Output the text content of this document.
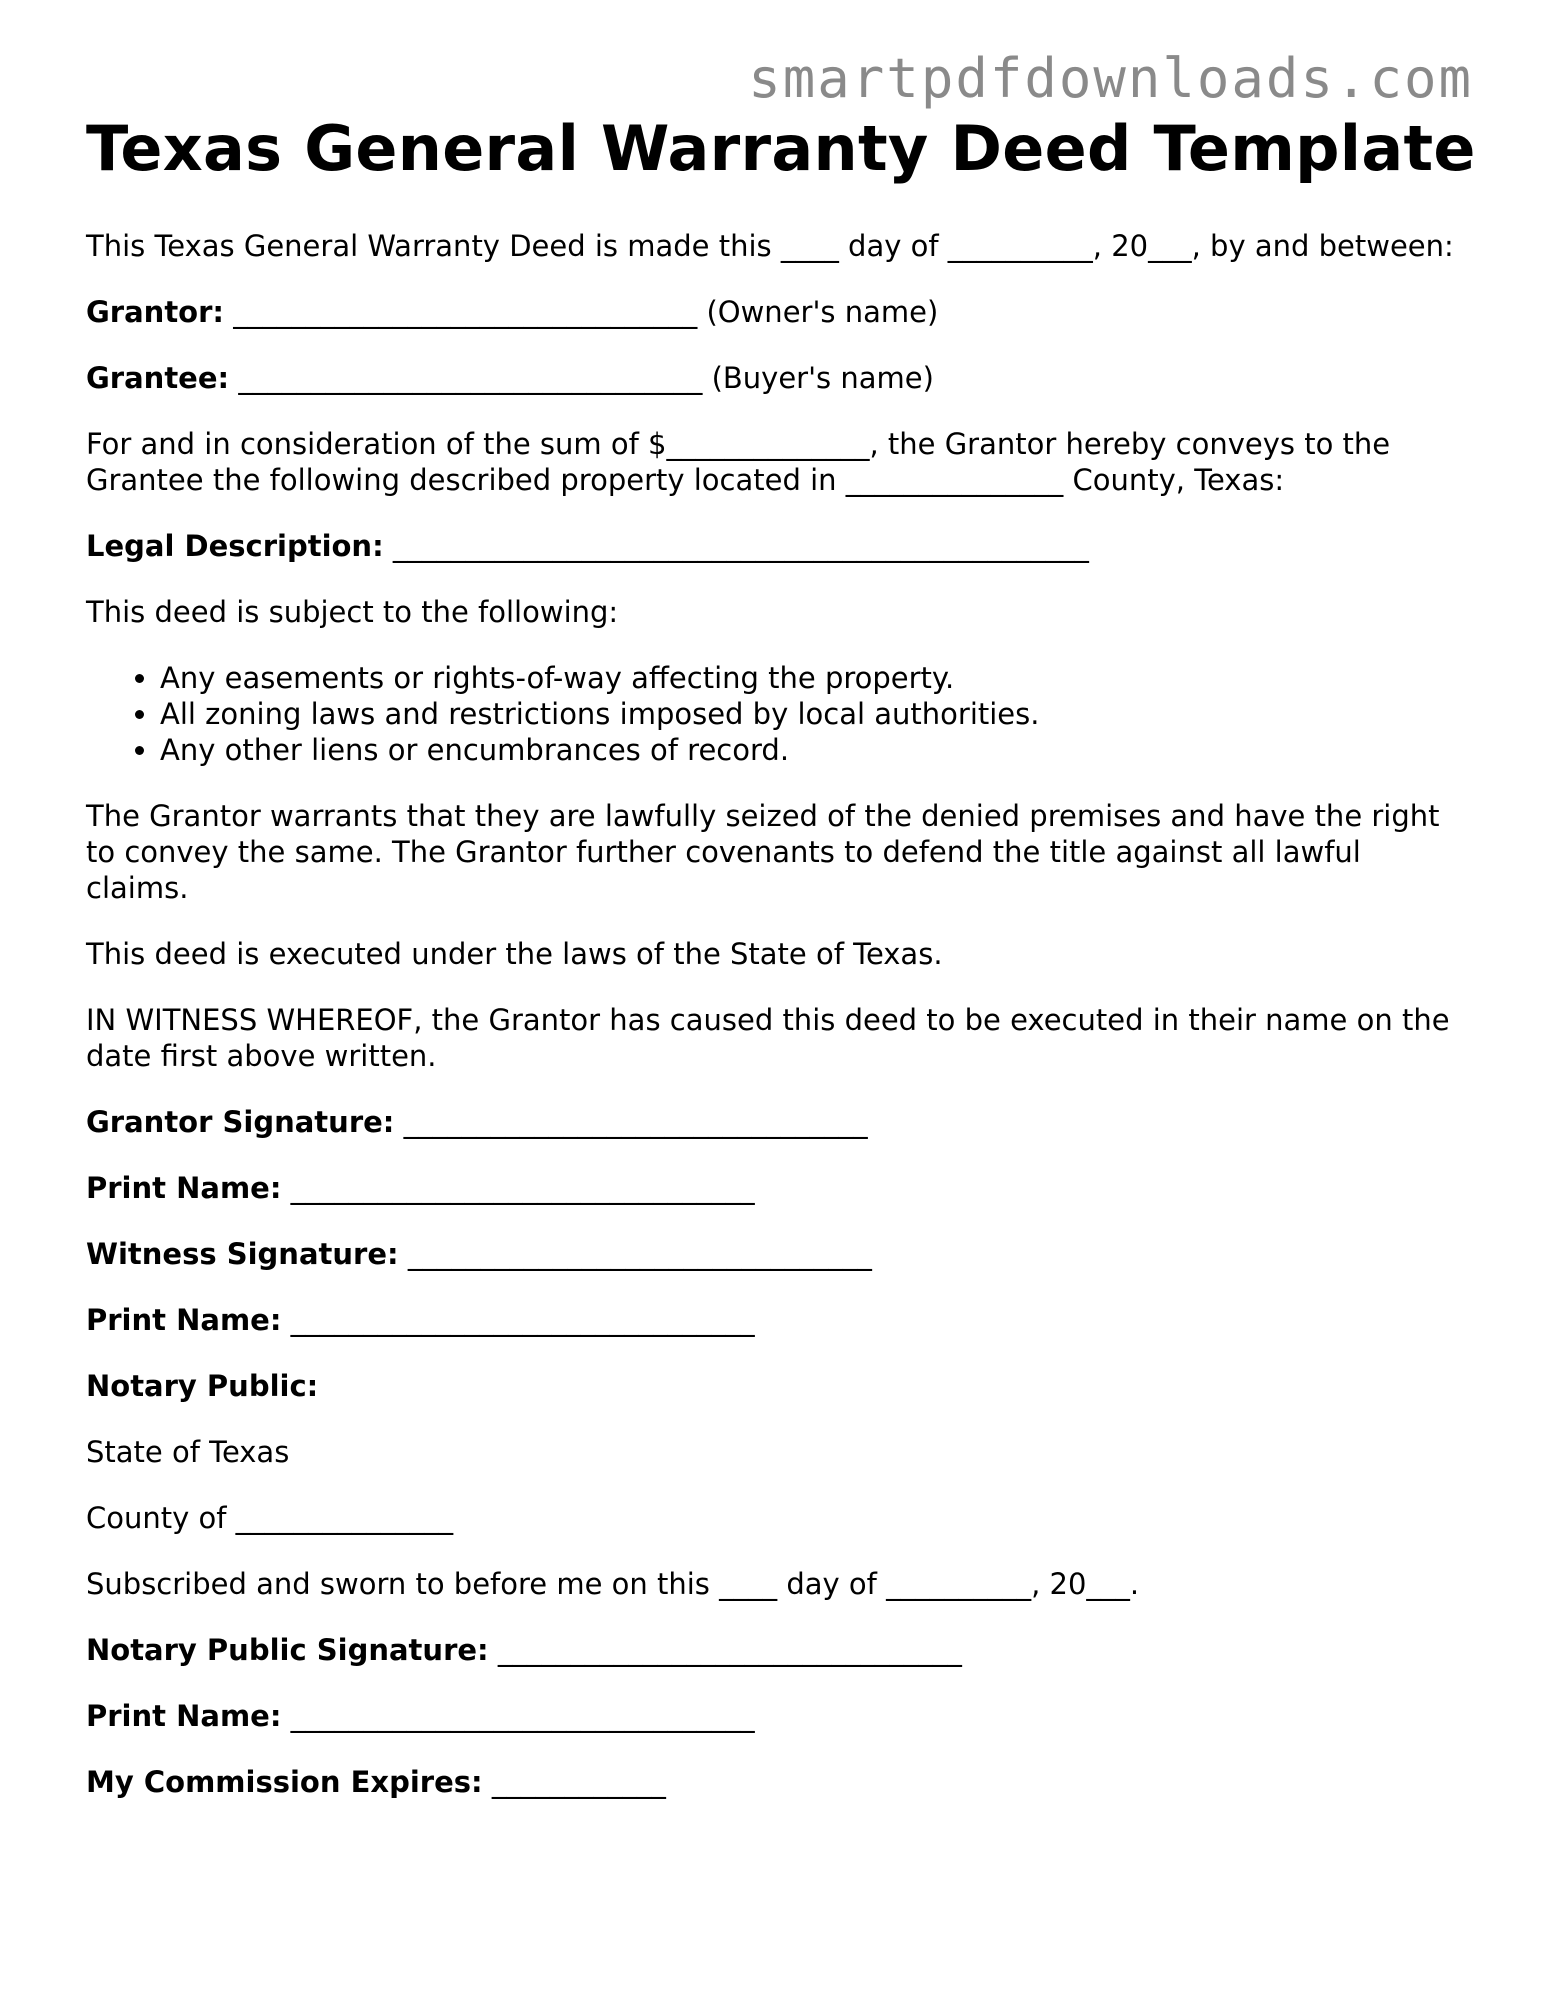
smartpdfdownloads.com
Texas General Warranty Deed Template

This Texas General Warranty Deed is made this ____ day of __________, 20___, by and between:

Grantor: ________________________________ (Owner's name)

Grantee: ________________________________ (Buyer's name)

For and in consideration of the sum of $______________, the Grantor hereby conveys to the Grantee the following described property located in _______________ County, Texas:

Legal Description: ________________________________________________

This deed is subject to the following:

• Any easements or rights-of-way affecting the property.
• All zoning laws and restrictions imposed by local authorities.
• Any other liens or encumbrances of record.

The Grantor warrants that they are lawfully seized of the denied premises and have the right to convey the same. The Grantor further covenants to defend the title against all lawful claims.

This deed is executed under the laws of the State of Texas.

IN WITNESS WHEREOF, the Grantor has caused this deed to be executed in their name on the date first above written.

Grantor Signature: ________________________________

Print Name: ________________________________

Witness Signature: ________________________________

Print Name: ________________________________

Notary Public:

State of Texas

County of _______________

Subscribed and sworn to before me on this ____ day of __________, 20___.

Notary Public Signature: ________________________________

Print Name: ________________________________

My Commission Expires: ____________
